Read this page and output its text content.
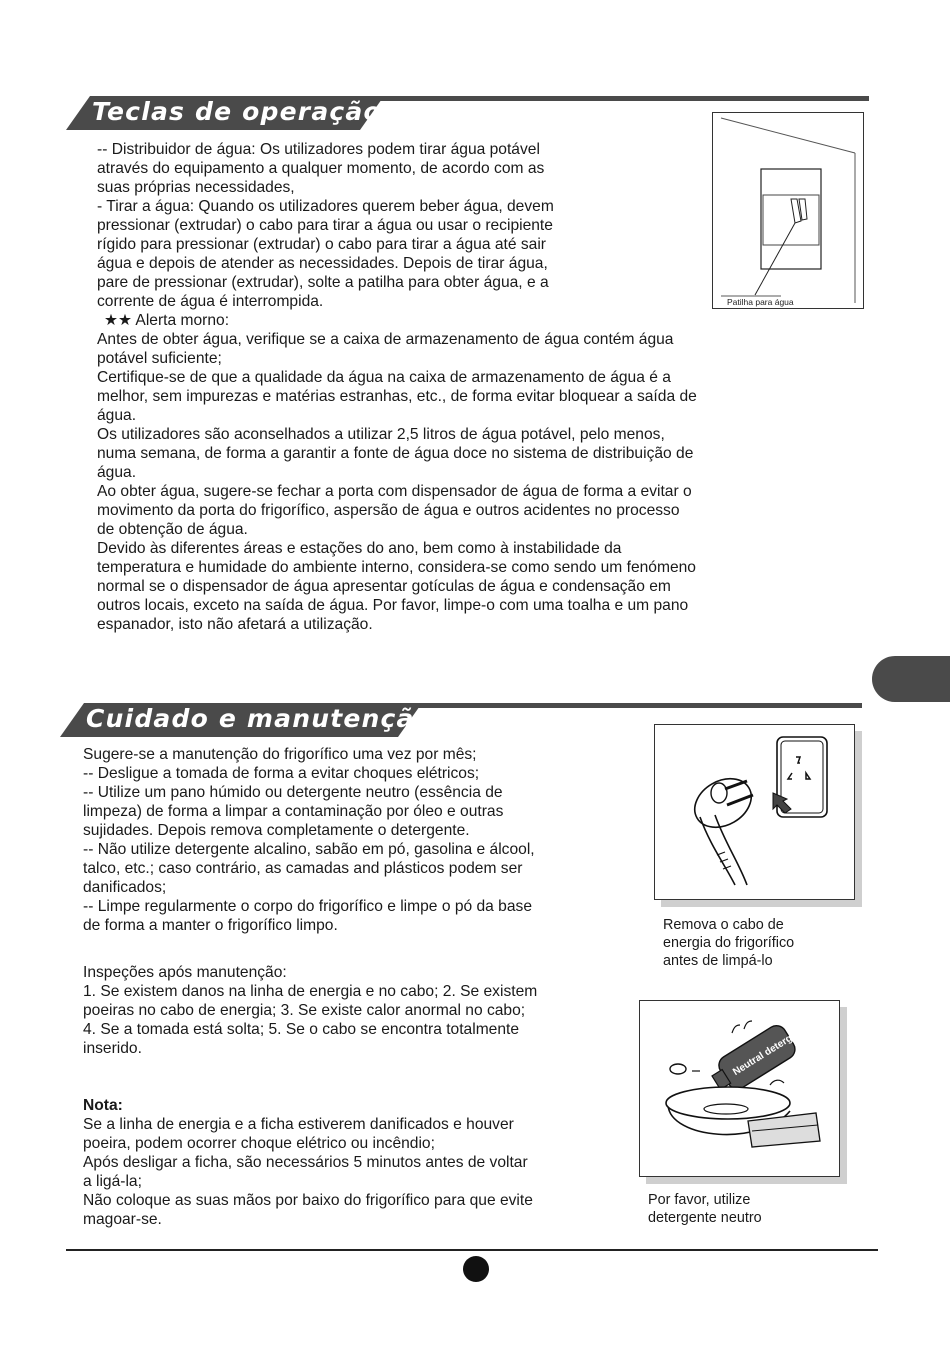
Teclas de operação
-- Distribuidor de água: Os utilizadores podem tirar água potável
através do equipamento a qualquer momento, de acordo com as
suas próprias necessidades,
- Tirar a água: Quando os utilizadores querem beber água, devem
pressionar (extrudar) o cabo para tirar a água ou usar o recipiente
rígido para pressionar (extrudar) o cabo para tirar a água até sair
água e depois de atender as necessidades. Depois de tirar água,
pare de pressionar (extrudar), solte a patilha para obter água, e a
corrente de água é interrompida.
★★ Alerta morno:
Antes de obter água, verifique se a caixa de armazenamento de água contém água
potável suficiente;
Certifique-se de que a qualidade da água na caixa de armazenamento de água é a
melhor, sem impurezas e matérias estranhas, etc., de forma evitar bloquear a saída de
água.
Os utilizadores são aconselhados a utilizar 2,5 litros de água potável, pelo menos,
numa semana, de forma a garantir a fonte de água doce no sistema de distribuição de
água.
Ao obter água, sugere-se fechar a porta com dispensador de água de forma a evitar o
movimento da porta do frigorífico, aspersão de água e outros acidentes no processo
de obtenção de água.
Devido às diferentes áreas e estações do ano, bem como à instabilidade da
temperatura e humidade do ambiente interno, considera-se como sendo um fenómeno
normal se o dispensador de água apresentar gotículas de água e condensação em
outros locais, exceto na saída de água. Por favor, limpe-o com uma toalha e um pano
espanador, isto não afetará a utilização.
Patilha para água
Cuidado e manutenção
Sugere-se a manutenção do frigorífico uma vez por mês;
-- Desligue a tomada de forma a evitar choques elétricos;
-- Utilize um pano húmido ou detergente neutro (essência de
limpeza) de forma a limpar a contaminação por óleo e outras
sujidades. Depois remova completamente o detergente.
-- Não utilize detergente alcalino, sabão em pó, gasolina e álcool,
talco, etc.; caso contrário, as camadas and plásticos podem ser
danificados;
-- Limpe regularmente o corpo do frigorífico e limpe o pó da base
de forma a manter o frigorífico limpo.
Inspeções após manutenção:
1. Se existem danos na linha de energia e no cabo; 2. Se existem
poeiras no cabo de energia; 3. Se existe calor anormal no cabo;
4. Se a tomada está solta; 5. Se o cabo se encontra totalmente
inserido.
Nota:
Se a linha de energia e a ficha estiverem danificados e houver
poeira, podem ocorrer choque elétrico ou incêndio;
Após desligar a ficha, são necessários 5 minutos antes de voltar
a ligá-la;
Não coloque as suas mãos por baixo do frigorífico para que evite
magoar-se.
Remova o cabo de
energia do frigorífico
antes de limpá-lo
Neutral detergent
Por favor, utilize
detergente neutro
